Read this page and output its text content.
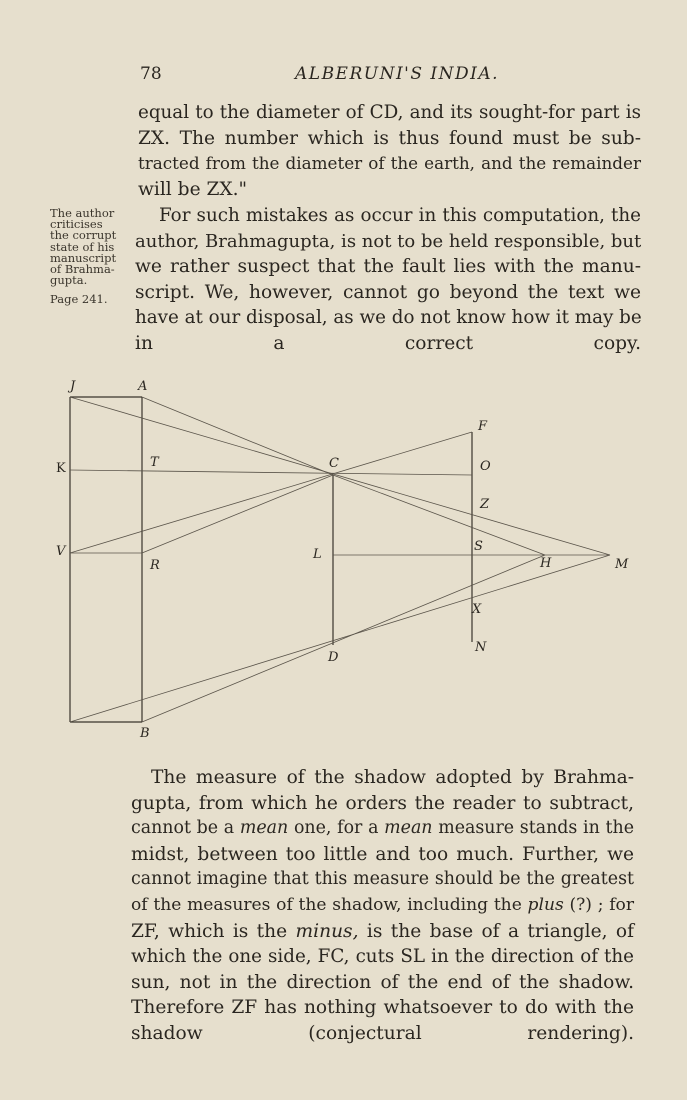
78	ALBERUNI'S INDIA.

equal to the diameter of CD, and its sought-for part is
ZX. The number which is thus found must be sub-
tracted from the diameter of the earth, and the remainder
will be ZX."

The author
criticises
the corrupt
state of his
manuscript
of Brahma-
gupta.
Page 241.

For such mistakes as occur in this computation, the
author, Brahmagupta, is not to be held responsible, but
we rather suspect that the fault lies with the manu-
script. We, however, cannot go beyond the text we
have at our disposal, as we do not know how it may be
in a correct copy.

J	A
F
K	T	C	O
Z
V
R
L
S
H	M
X
D
N
B

The measure of the shadow adopted by Brahma-
gupta, from which he orders the reader to subtract,
cannot be a mean one, for a mean measure stands in the
midst, between too little and too much. Further, we
cannot imagine that this measure should be the greatest
of the measures of the shadow, including the plus (?) ; for
ZF, which is the minus, is the base of a triangle, of
which the one side, FC, cuts SL in the direction of the
sun, not in the direction of the end of the shadow.
Therefore ZF has nothing whatsoever to do with the
shadow (conjectural rendering).
